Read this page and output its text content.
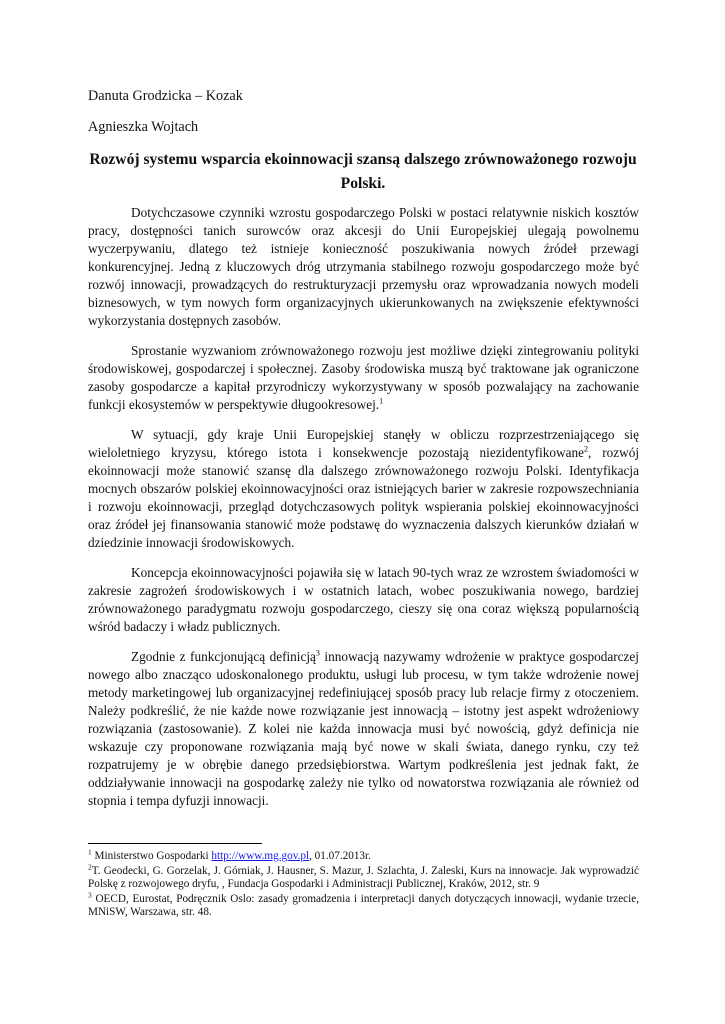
Danuta Grodzicka – Kozak
Agnieszka Wojtach
Rozwój systemu wsparcia ekoinnowacji szansą dalszego zrównoważonego rozwoju Polski.

Dotychczasowe czynniki wzrostu gospodarczego Polski w postaci relatywnie niskich kosztów pracy, dostępności tanich surowców oraz akcesji do Unii Europejskiej ulegają powolnemu wyczerpywaniu, dlatego też istnieje konieczność poszukiwania nowych źródeł przewagi konkurencyjnej. Jedną z kluczowych dróg utrzymania stabilnego rozwoju gospodarczego może być rozwój innowacji, prowadzących do restrukturyzacji przemysłu oraz wprowadzania nowych modeli biznesowych, w tym nowych form organizacyjnych ukierunkowanych na zwiększenie efektywności wykorzystania dostępnych zasobów.

Sprostanie wyzwaniom zrównoważonego rozwoju jest możliwe dzięki zintegrowaniu polityki środowiskowej, gospodarczej i społecznej. Zasoby środowiska muszą być traktowane jak ograniczone zasoby gospodarcze a kapitał przyrodniczy wykorzystywany w sposób pozwalający na zachowanie funkcji ekosystemów w perspektywie długookresowej.$^1$

W sytuacji, gdy kraje Unii Europejskiej stanęły w obliczu rozprzestrzeniającego się wieloletniego kryzysu, którego istota i konsekwencje pozostają niezidentyfikowane$^2$, rozwój ekoinnowacji może stanowić szansę dla dalszego zrównoważonego rozwoju Polski. Identyfikacja mocnych obszarów polskiej ekoinnowacyjności oraz istniejących barier w zakresie rozpowszechniania i rozwoju ekoinnowacji, przegląd dotychczasowych polityk wspierania polskiej ekoinnowacyjności oraz źródeł jej finansowania stanowić może podstawę do wyznaczenia dalszych kierunków działań w dziedzinie innowacji środowiskowych.

Koncepcja ekoinnowacyjności pojawiła się w latach 90-tych wraz ze wzrostem świadomości w zakresie zagrożeń środowiskowych i w ostatnich latach, wobec poszukiwania nowego, bardziej zrównoważonego paradygmatu rozwoju gospodarczego, cieszy się ona coraz większą popularnością wśród badaczy i władz publicznych.

Zgodnie z funkcjonującą definicją$^3$ innowacją nazywamy wdrożenie w praktyce gospodarczej nowego albo znacząco udoskonalonego produktu, usługi lub procesu, w tym także wdrożenie nowej metody marketingowej lub organizacyjnej redefiniującej sposób pracy lub relacje firmy z otoczeniem. Należy podkreślić, że nie każde nowe rozwiązanie jest innowacją – istotny jest aspekt wdrożeniowy rozwiązania (zastosowanie). Z kolei nie każda innowacja musi być nowością, gdyż definicja nie wskazuje czy proponowane rozwiązania mają być nowe w skali świata, danego rynku, czy też rozpatrujemy je w obrębie danego przedsiębiorstwa. Wartym podkreślenia jest jednak fakt, że oddziaływanie innowacji na gospodarkę zależy nie tylko od nowatorstwa rozwiązania ale również od stopnia i tempa dyfuzji innowacji.

$^1$ Ministerstwo Gospodarki http://www.mg.gov.pl, 01.07.2013r.
$^2$T. Geodecki, G. Gorzelak, J. Górniak, J. Hausner, S. Mazur, J. Szlachta, J. Zaleski, Kurs na innowacje. Jak wyprowadzić Polskę z rozwojowego dryfu, , Fundacja Gospodarki i Administracji Publicznej, Kraków, 2012, str. 9
$^3$ OECD, Eurostat, Podręcznik Oslo: zasady gromadzenia i interpretacji danych dotyczących innowacji, wydanie trzecie, MNiSW, Warszawa, str. 48.
